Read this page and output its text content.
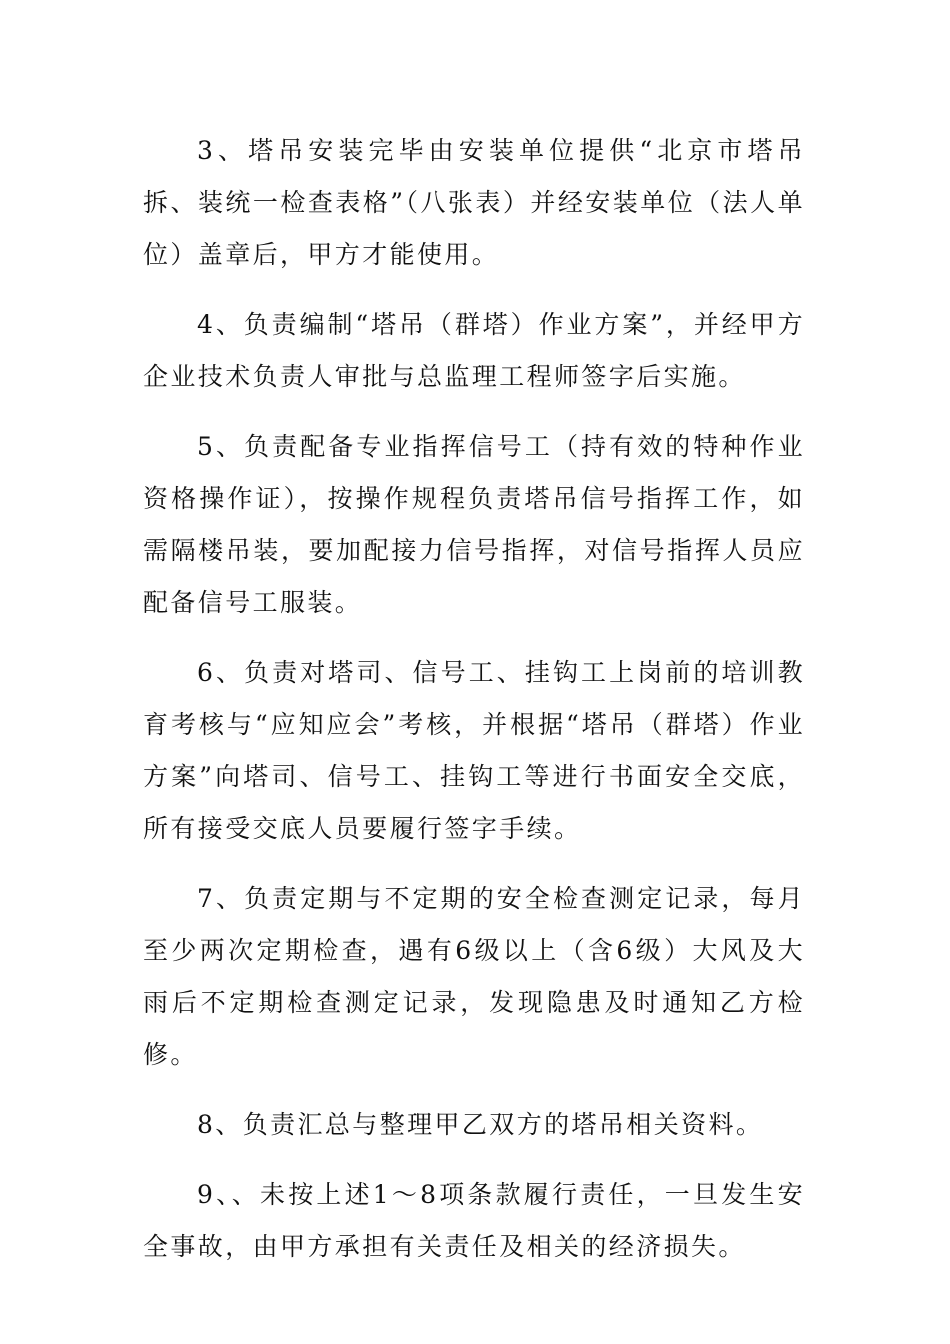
3、塔吊安装完毕由安装单位提供“北京市塔吊拆、装统一检查表格”（八张表）并经安装单位（法人单位）盖章后，甲方才能使用。

4、负责编制“塔吊（群塔）作业方案”，并经甲方企业技术负责人审批与总监理工程师签字后实施。

5、负责配备专业指挥信号工（持有效的特种作业资格操作证），按操作规程负责塔吊信号指挥工作，如需隔楼吊装，要加配接力信号指挥，对信号指挥人员应配备信号工服装。

6、负责对塔司、信号工、挂钩工上岗前的培训教育考核与“应知应会”考核，并根据“塔吊（群塔）作业方案”向塔司、信号工、挂钩工等进行书面安全交底，所有接受交底人员要履行签字手续。

7、负责定期与不定期的安全检查测定记录，每月至少两次定期检查，遇有6级以上（含6级）大风及大雨后不定期检查测定记录，发现隐患及时通知乙方检修。

8、负责汇总与整理甲乙双方的塔吊相关资料。

9、、未按上述1～8项条款履行责任，一旦发生安全事故，由甲方承担有关责任及相关的经济损失。
